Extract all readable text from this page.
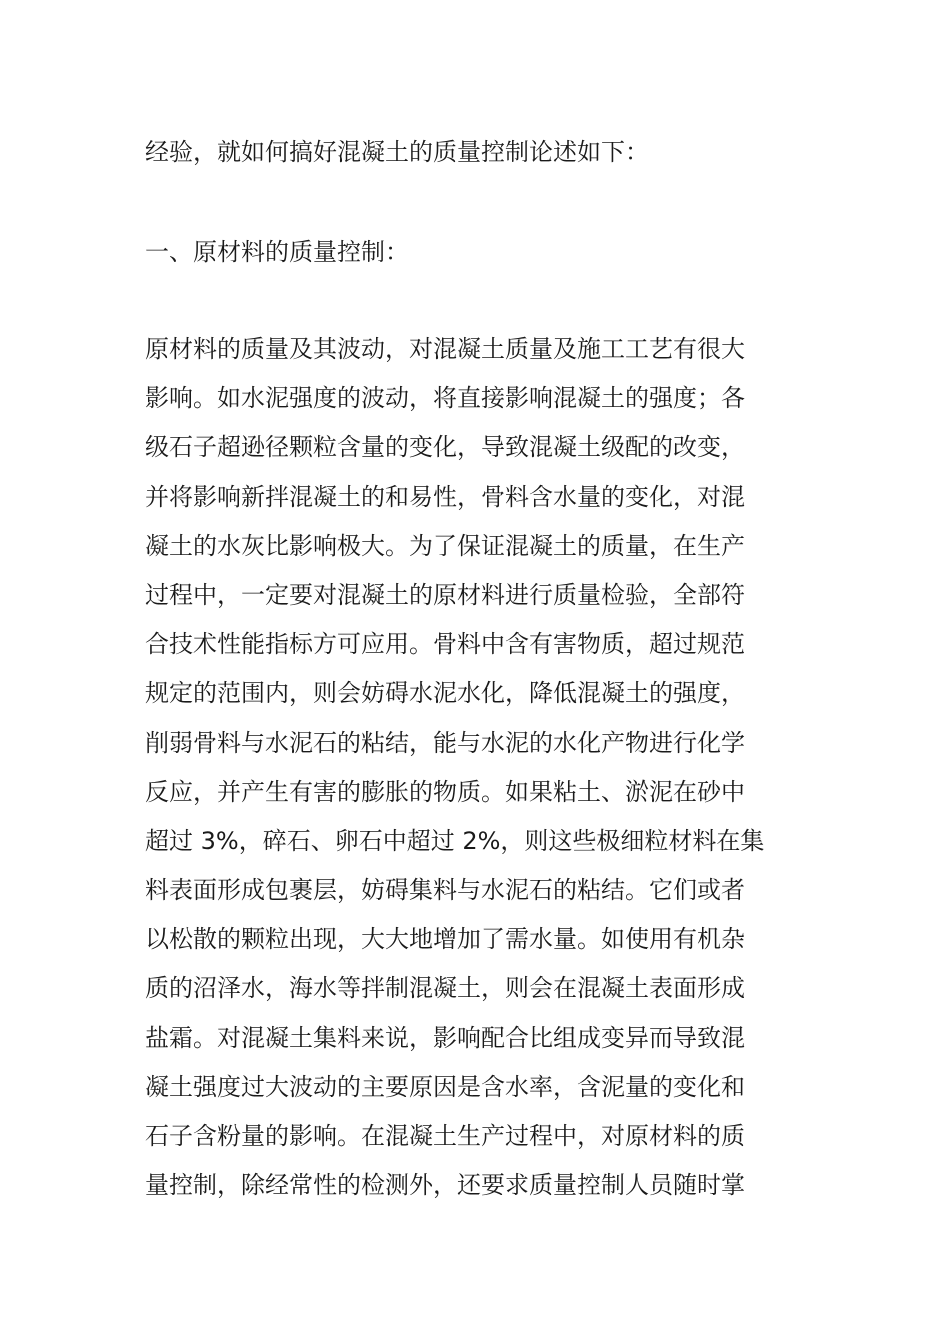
经验，就如何搞好混凝土的质量控制论述如下：

一、原材料的质量控制：

原材料的质量及其波动，对混凝土质量及施工工艺有很大
影响。如水泥强度的波动，将直接影响混凝土的强度；各
级石子超逊径颗粒含量的变化，导致混凝土级配的改变，
并将影响新拌混凝土的和易性，骨料含水量的变化，对混
凝土的水灰比影响极大。为了保证混凝土的质量，在生产
过程中，一定要对混凝土的原材料进行质量检验，全部符
合技术性能指标方可应用。骨料中含有害物质，超过规范
规定的范围内，则会妨碍水泥水化，降低混凝土的强度，
削弱骨料与水泥石的粘结，能与水泥的水化产物进行化学
反应，并产生有害的膨胀的物质。如果粘土、淤泥在砂中
超过 3%，碎石、卵石中超过 2%，则这些极细粒材料在集
料表面形成包裹层，妨碍集料与水泥石的粘结。它们或者
以松散的颗粒出现，大大地增加了需水量。如使用有机杂
质的沼泽水，海水等拌制混凝土，则会在混凝土表面形成
盐霜。对混凝土集料来说，影响配合比组成变异而导致混
凝土强度过大波动的主要原因是含水率，含泥量的变化和
石子含粉量的影响。在混凝土生产过程中，对原材料的质
量控制，除经常性的检测外，还要求质量控制人员随时掌
